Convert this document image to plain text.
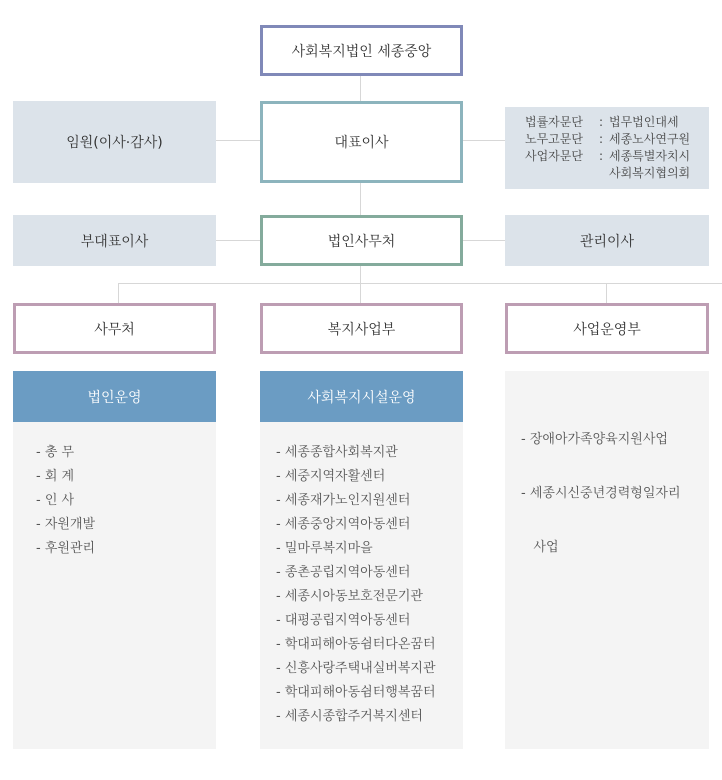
사회복지법인 세종중앙
임원(이사·감사)	대표이사
법률자문단	: 법무법인대세
노무고문단	: 세종노사연구원
사업자문단	: 세종특별자치시
사회복지협의회
부대표이사	법인사무처	관리이사
사무처	복지사업부	사업운영부
법인운영
- 총 무
- 회 계
- 인 사
- 자원개발
- 후원관리
사회복지시설운영
- 세종종합사회복지관
- 세중지역자활센터
- 세종재가노인지원센터
- 세종중앙지역아동센터
- 밀마루복지마을
- 종촌공립지역아동센터
- 세종시아동보호전문기관
- 대평공립지역아동센터
- 학대피해아동쉼터다온꿈터
- 신흥사랑주택내실버복지관
- 학대피해아동쉼터행복꿈터
- 세종시종합주거복지센터

- 장애아가족양육지원사업

- 세종시신중년경력형일자리

사업
